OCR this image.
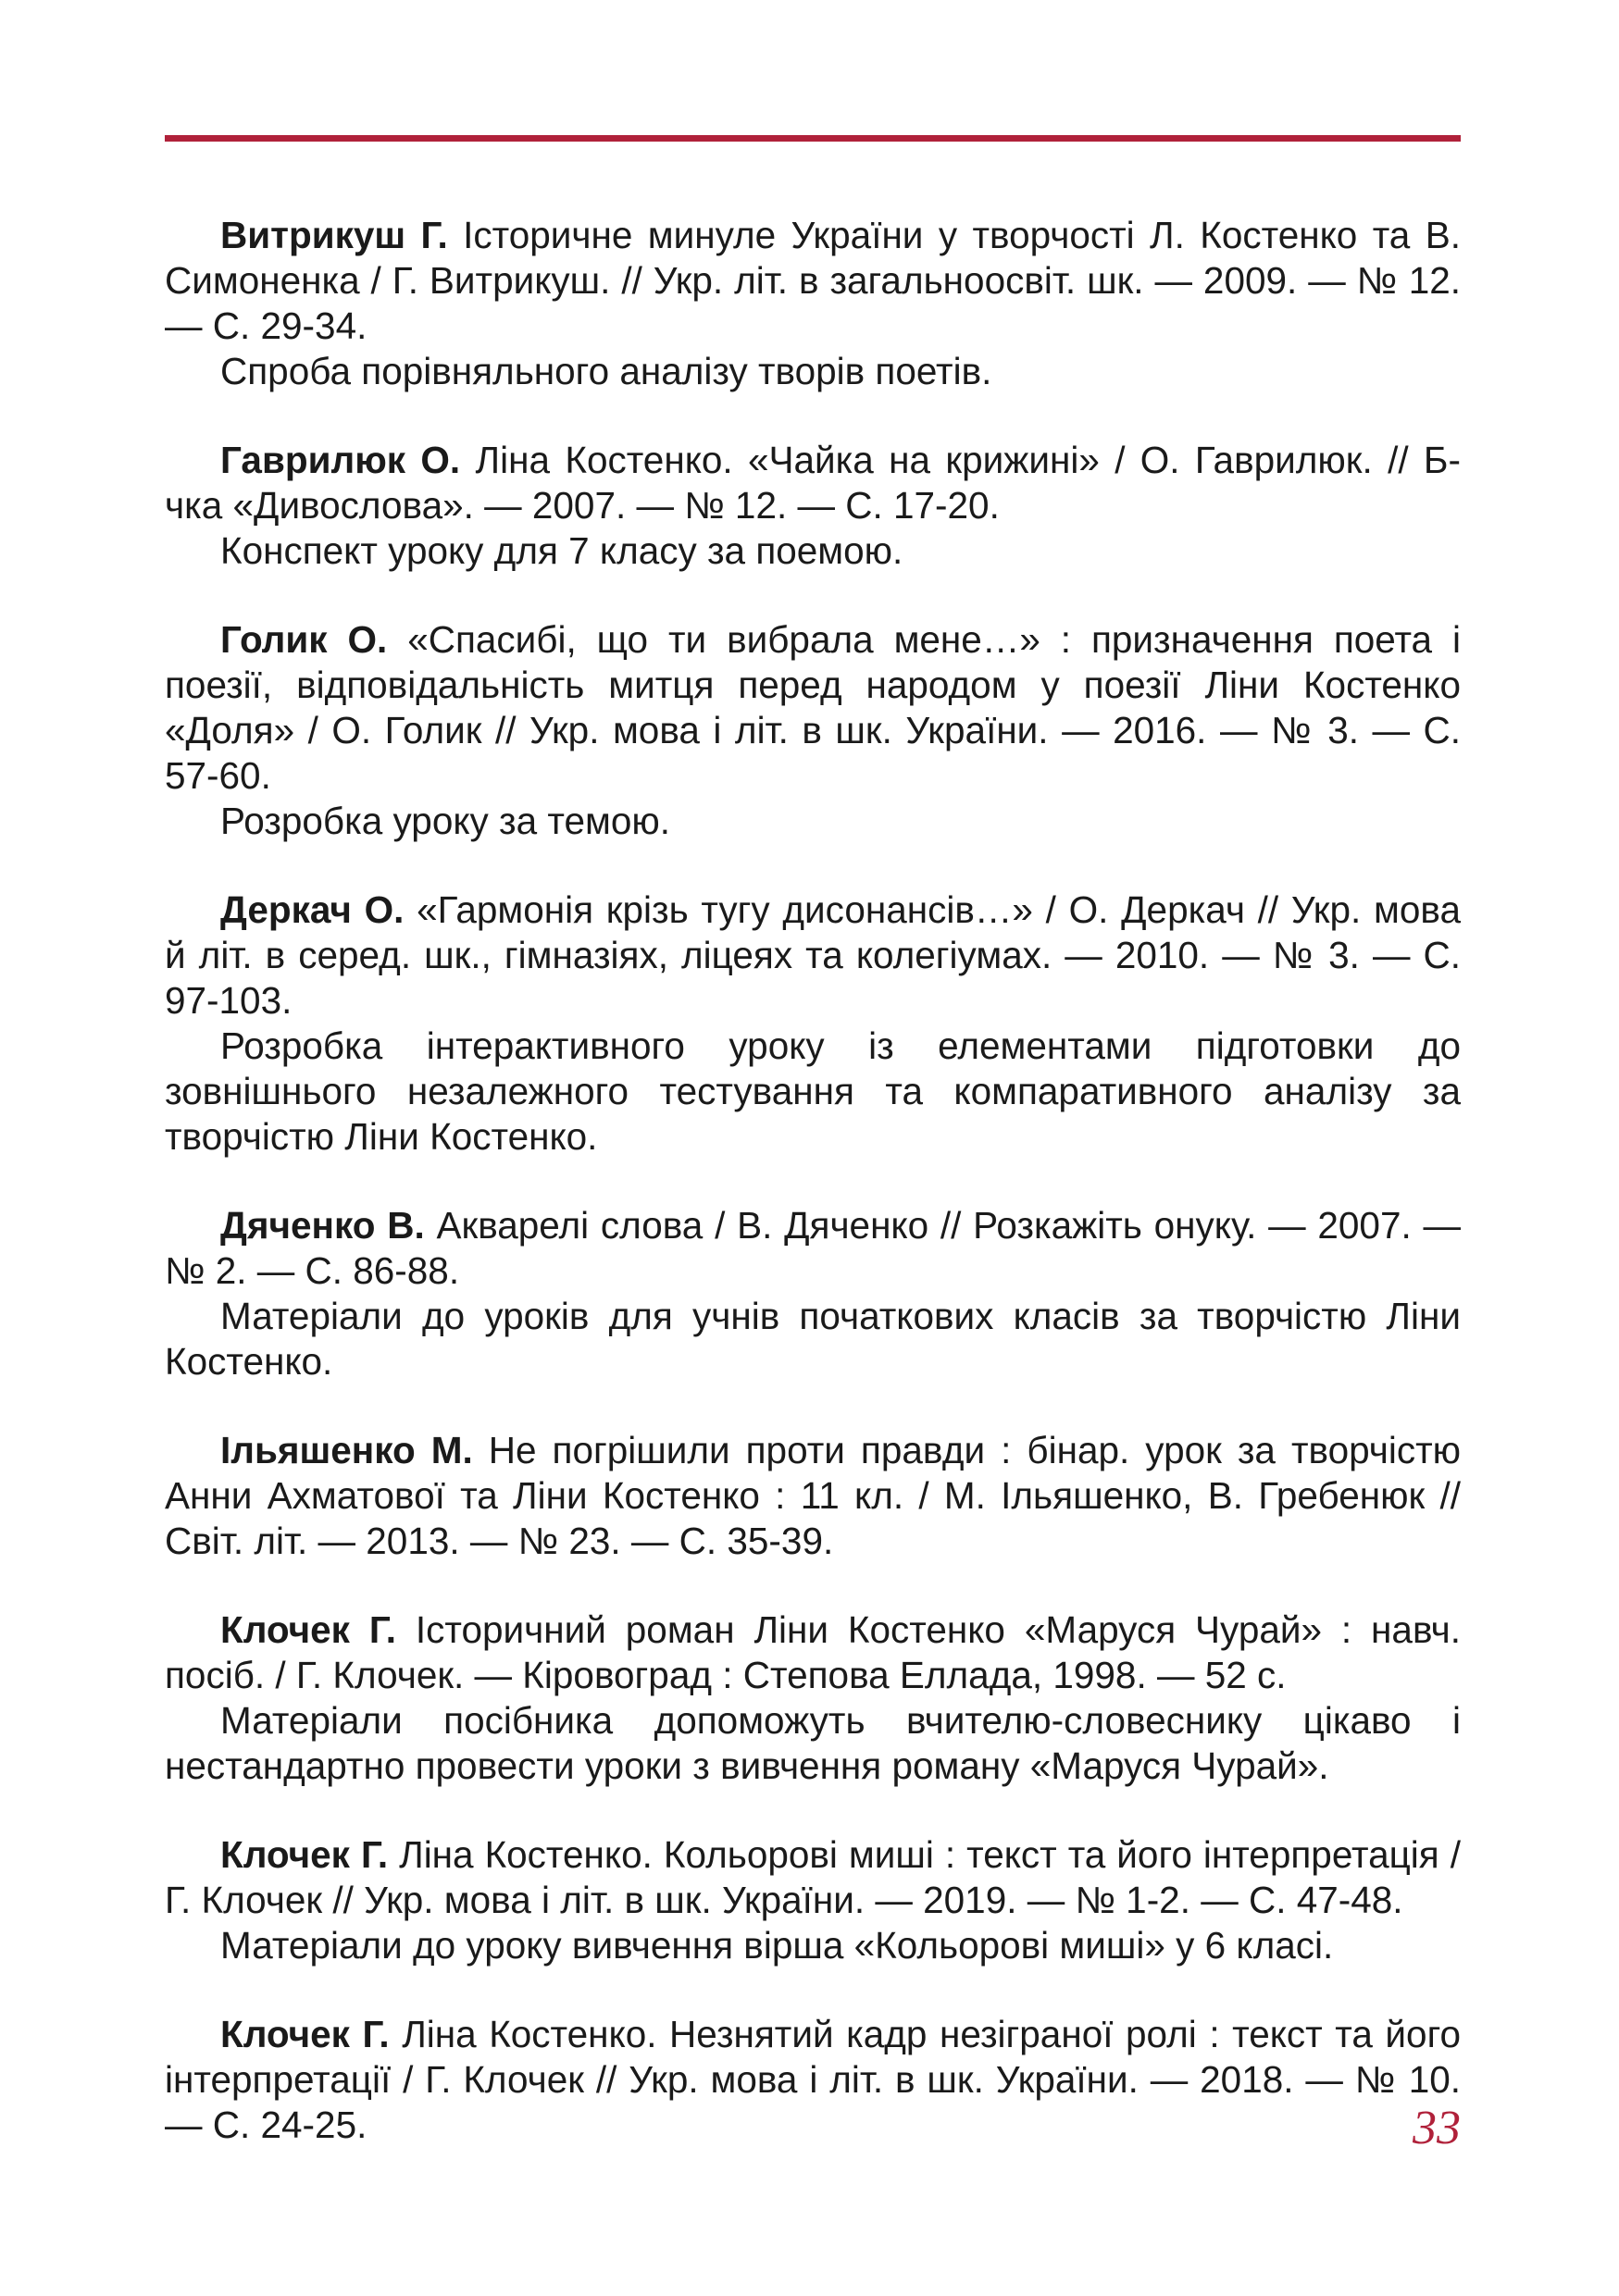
Витрикуш Г. Історичне минуле України у творчості Л. Костенко та В. Симоненка / Г. Витрикуш. // Укр. літ. в загальноосвіт. шк. — 2009. — № 12. — С. 29-34.

Спроба порівняльного аналізу творів поетів.

Гаврилюк О. Ліна Костенко. «Чайка на крижині» / О. Гаврилюк. // Б-чка «Дивослова». — 2007. — № 12. — С. 17-20.

Конспект уроку для 7 класу за поемою.

Голик О. «Спасибі, що ти вибрала мене…» : призначення поета і поезії, відповідальність митця перед народом у поезії Ліни Костенко «Доля» / О. Голик // Укр. мова і літ. в шк. України. — 2016. — № 3. — С. 57-60.

Розробка уроку за темою.

Деркач О. «Гармонія крізь тугу дисонансів…» / О. Деркач // Укр. мова й літ. в серед. шк., гімназіях, ліцеях та колегіумах. — 2010. — № 3. — С. 97-103.

Розробка інтерактивного уроку із елементами підготовки до зовнішнього незалежного тестування та компаративного аналізу за творчістю Ліни Костенко.

Дяченко В. Акварелі слова / В. Дяченко // Розкажіть онуку. — 2007. — № 2. — С. 86-88.

Матеріали до уроків для учнів початкових класів за творчістю Ліни Костенко.

Ільяшенко М. Не погрішили проти правди : бінар. урок за творчістю Анни Ахматової та Ліни Костенко : 11 кл. / М. Ільяшенко, В. Гребенюк // Світ. літ. — 2013. — № 23. — С. 35-39.

Клочек Г. Історичний роман Ліни Костенко «Маруся Чурай» : навч. посіб. / Г. Клочек. — Кіровоград : Степова Еллада, 1998. — 52 с.

Матеріали посібника допоможуть вчителю-словеснику цікаво і нестандартно провести уроки з вивчення роману «Маруся Чурай».

Клочек Г. Ліна Костенко. Кольорові миші : текст та його інтерпретація / Г. Клочек // Укр. мова і літ. в шк. України. — 2019. — № 1-2. — С. 47-48.

Матеріали до уроку вивчення вірша «Кольорові миші» у 6 класі.

Клочек Г. Ліна Костенко. Незнятий кадр незіграної ролі : текст та його інтерпретації / Г. Клочек // Укр. мова і літ. в шк. України. — 2018. — № 10. — С. 24-25.	33
